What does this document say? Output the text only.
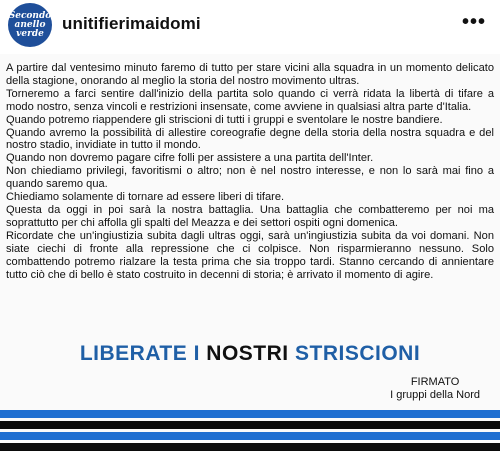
Secondo
anello
verde
unitifierimaidomi	•••

A partire dal ventesimo minuto faremo di tutto per stare vicini alla squadra in un momento delicato della stagione, onorando al meglio la storia del nostro movimento ultras.

Torneremo a farci sentire dall'inizio della partita solo quando ci verrà ridata la libertà di tifare a modo nostro, senza vincoli e restrizioni insensate, come avviene in qualsiasi altra parte d'Italia.

Quando potremo riappendere gli striscioni di tutti i gruppi e sventolare le nostre bandiere.

Quando avremo la possibilità di allestire coreografie degne della storia della nostra squadra e del nostro stadio, invidiate in tutto il mondo.

Quando non dovremo pagare cifre folli per assistere a una partita dell'Inter.

Non chiediamo privilegi, favoritismi o altro; non è nel nostro interesse, e non lo sarà mai fino a quando saremo qua.

Chiediamo solamente di tornare ad essere liberi di tifare.

Questa da oggi in poi sarà la nostra battaglia. Una battaglia che combatteremo per noi ma soprattutto per chi affolla gli spalti del Meazza e dei settori ospiti ogni domenica.

Ricordate che un'ingiustizia subita dagli ultras oggi, sarà un'ingiustizia subita da voi domani. Non siate ciechi di fronte alla repressione che ci colpisce. Non risparmieranno nessuno. Solo combattendo potremo rialzare la testa prima che sia troppo tardi. Stanno cercando di annientare tutto ciò che di bello è stato costruito in decenni di storia; è arrivato il momento di agire.

LIBERATE I NOSTRI STRISCIONI
FIRMATO
I gruppi della Nord
